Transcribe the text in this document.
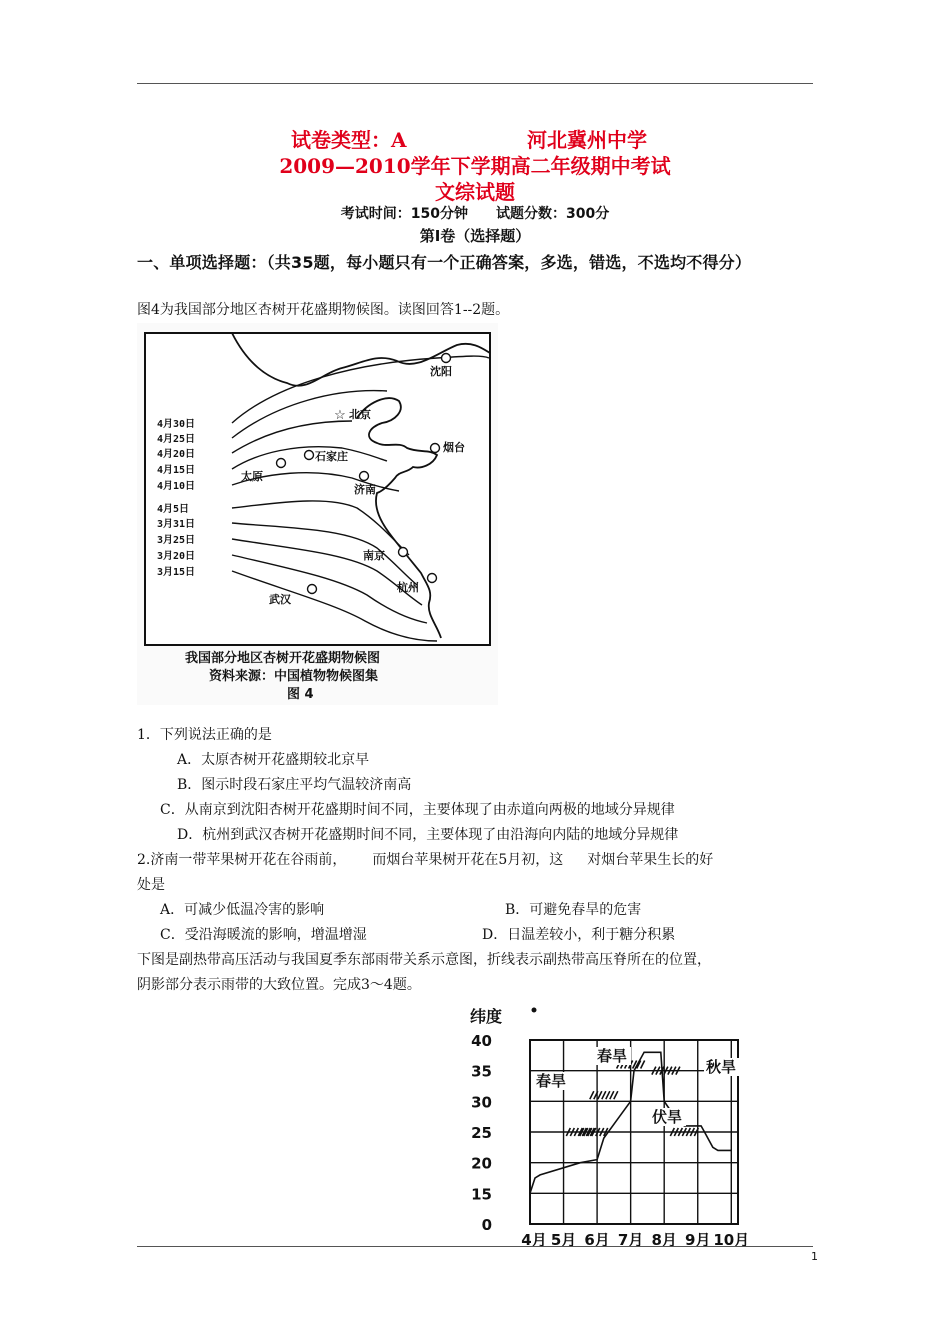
试卷类型：A	河北冀州中学
2009—2010学年下学期高二年级期中考试
文综试题
考试时间：150分钟 试题分数：300分
第Ⅰ卷（选择题）
一、单项选择题：（共35题，每小题只有一个正确答案，多选，错选，不选均不得分）
图4为我国部分地区杏树开花盛期物候图。读图回答1--2题。
4月30日
4月25日
4月20日
4月15日
4月10日
4月5日
3月31日
3月25日
3月20日
3月15日
☆
沈阳
北京
烟台
石家庄
太原
济南
南京
杭州
武汉
我国部分地区杏树开花盛期物候图
资料来源：中国植物物候图集
图 4
1．下列说法正确的是
A．太原杏树开花盛期较北京早
B．图示时段石家庄平均气温较济南高
C．从南京到沈阳杏树开花盛期时间不同，主要体现了由赤道向两极的地域分异规律
D．杭州到武汉杏树开花盛期时间不同，主要体现了由沿海向内陆的地域分异规律
2.济南一带苹果树开花在谷雨前， 而烟台苹果树开花在5月初，这 对烟台苹果生长的好
处是
A．可减少低温冷害的影响	B．可避免春旱的危害
C．受沿海暖流的影响，增温增湿	D．日温差较小，利于糖分积累
下图是副热带高压活动与我国夏季东部雨带关系示意图，折线表示副热带高压脊所在的位置，
阴影部分表示雨带的大致位置。完成3～4题。
纬度
40
35
30
25
20
15
0
4月 5月 6月 7月 8月 9月 10月
春旱
春旱
秋旱
伏旱
1
